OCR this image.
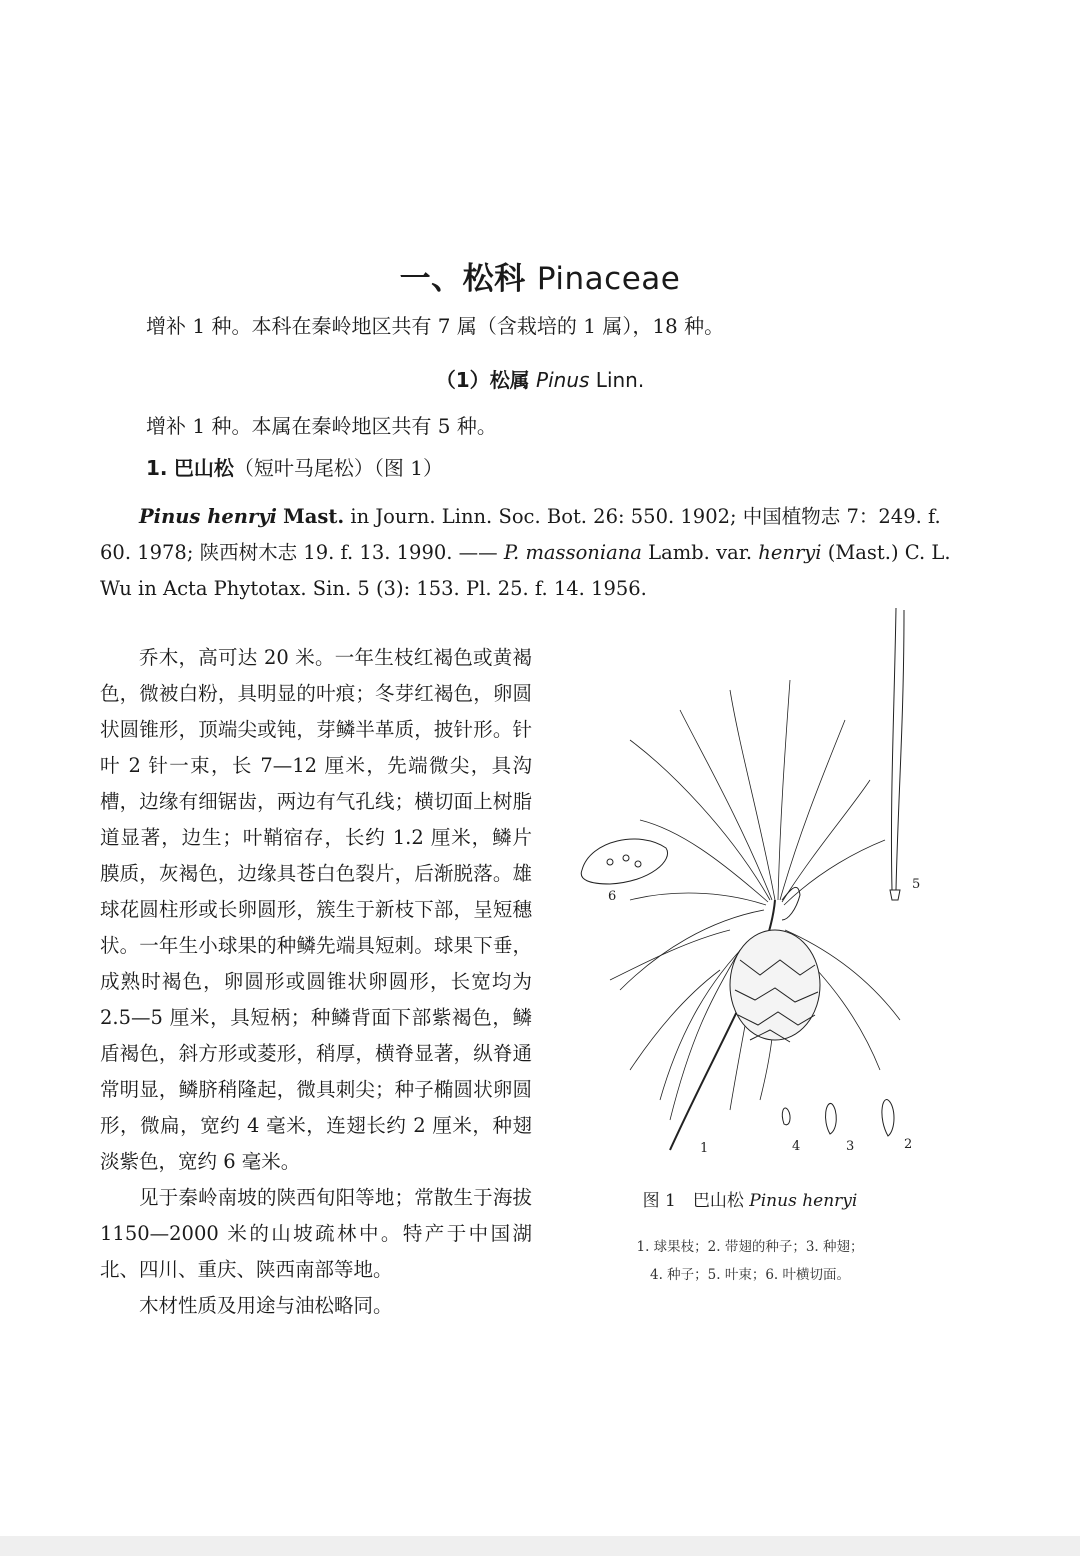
一、松科 Pinaceae
增补 1 种。本科在秦岭地区共有 7 属（含栽培的 1 属），18 种。
（1）松属 Pinus Linn.
增补 1 种。本属在秦岭地区共有 5 种。
1. 巴山松（短叶马尾松）（图 1）
Pinus henryi Mast. in Journ. Linn. Soc. Bot. 26: 550. 1902; 中国植物志 7：249. f. 60. 1978; 陕西树木志 19. f. 13. 1990. —— P. massoniana Lamb. var. henryi (Mast.) C. L. Wu in Acta Phytotax. Sin. 5 (3): 153. Pl. 25. f. 14. 1956.

乔木，高可达 20 米。一年生枝红褐色或黄褐色，微被白粉，具明显的叶痕；冬芽红褐色，卵圆状圆锥形，顶端尖或钝，芽鳞半革质，披针形。针叶 2 针一束，长 7—12 厘米，先端微尖，具沟槽，边缘有细锯齿，两边有气孔线；横切面上树脂道显著，边生；叶鞘宿存，长约 1.2 厘米，鳞片膜质，灰褐色，边缘具苍白色裂片，后渐脱落。雄球花圆柱形或长卵圆形，簇生于新枝下部，呈短穗状。一年生小球果的种鳞先端具短刺。球果下垂，成熟时褐色，卵圆形或圆锥状卵圆形，长宽均为 2.5—5 厘米，具短柄；种鳞背面下部紫褐色，鳞盾褐色，斜方形或菱形，稍厚，横脊显著，纵脊通常明显，鳞脐稍隆起，微具刺尖；种子椭圆状卵圆形，微扁，宽约 4 毫米，连翅长约 2 厘米，种翅淡紫色，宽约 6 毫米。

见于秦岭南坡的陕西旬阳等地；常散生于海拔 1150—2000 米的山坡疏林中。特产于中国湖北、四川、重庆、陕西南部等地。

木材性质及用途与油松略同。

1	2
3
4
5
6
图 1　巴山松 Pinus henryi
1. 球果枝；2. 带翅的种子；3. 种翅；
4. 种子；5. 叶束；6. 叶横切面。
